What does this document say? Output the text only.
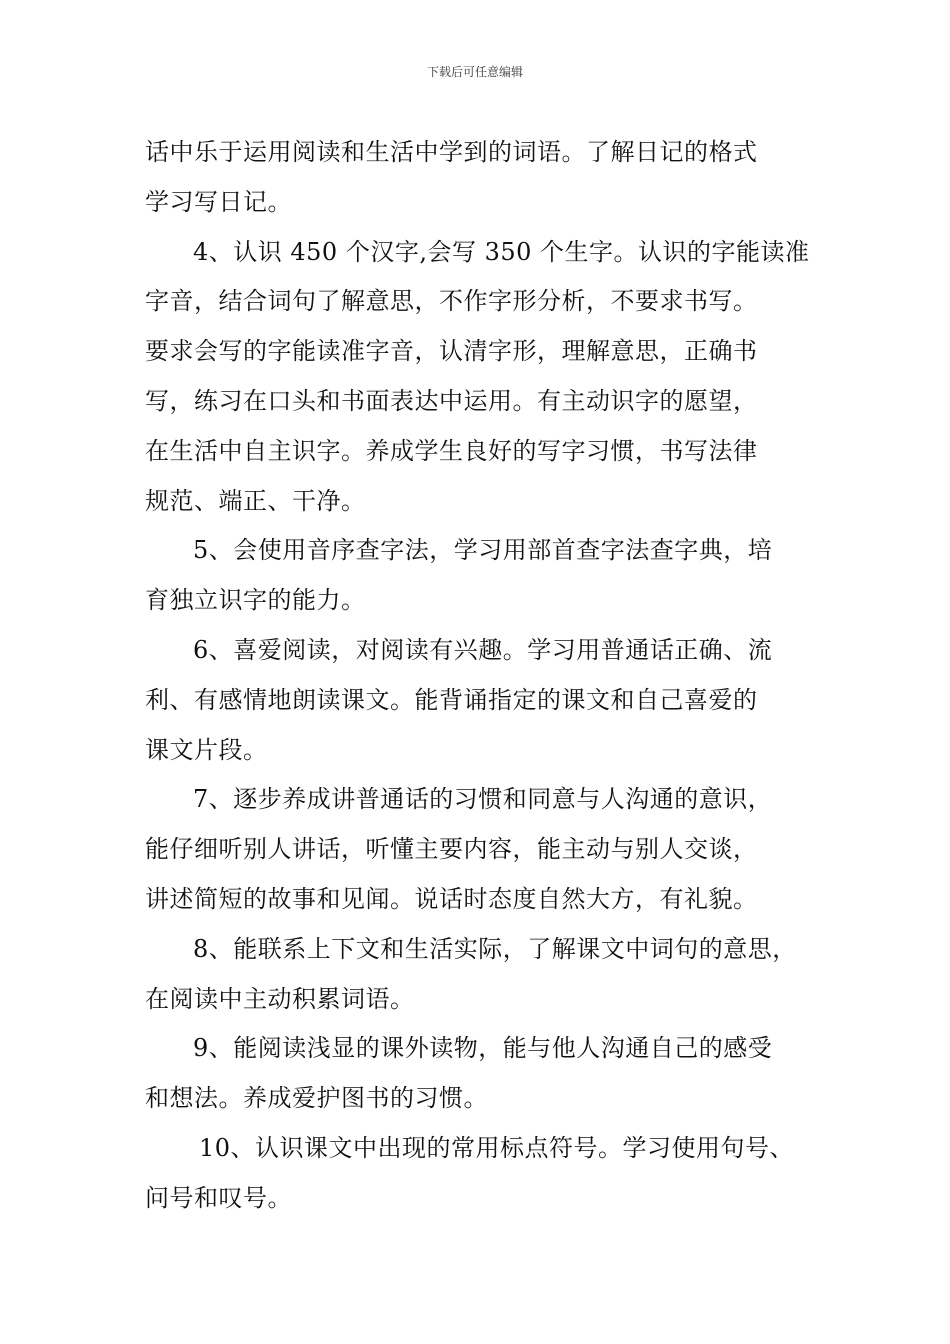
下载后可任意编辑
话中乐于运用阅读和生活中学到的词语。了解日记的格式
学习写日记。
4、认识 450 个汉字,会写 350 个生字。认识的字能读准
字音，结合词句了解意思，不作字形分析，不要求书写。
要求会写的字能读准字音，认清字形，理解意思，正确书
写，练习在口头和书面表达中运用。有主动识字的愿望，
在生活中自主识字。养成学生良好的写字习惯，书写法律
规范、端正、干净。
5、会使用音序查字法，学习用部首查字法查字典，培
育独立识字的能力。
6、喜爱阅读，对阅读有兴趣。学习用普通话正确、流
利、有感情地朗读课文。能背诵指定的课文和自己喜爱的
课文片段。
7、逐步养成讲普通话的习惯和同意与人沟通的意识，
能仔细听别人讲话，听懂主要内容，能主动与别人交谈，
讲述简短的故事和见闻。说话时态度自然大方，有礼貌。
8、能联系上下文和生活实际，了解课文中词句的意思，
在阅读中主动积累词语。
9、能阅读浅显的课外读物，能与他人沟通自己的感受
和想法。养成爱护图书的习惯。
10、认识课文中出现的常用标点符号。学习使用句号、
问号和叹号。
